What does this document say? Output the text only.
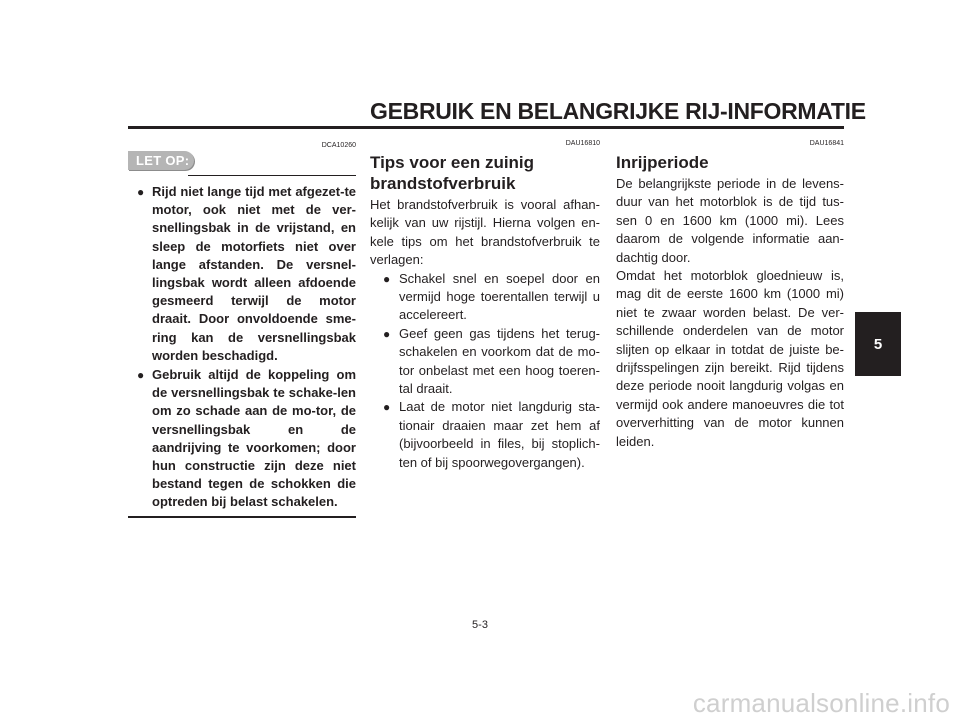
GEBRUIK EN BELANGRIJKE RIJ-INFORMATIE
5
DCA10260
LET OP:
● Rijd niet lange tijd met afgezet-te motor, ook niet met de ver-snellingsbak in de vrijstand, en sleep de motorfiets niet over lange afstanden. De versnel-lingsbak wordt alleen afdoende gesmeerd terwijl de motor draait. Door onvoldoende sme-ring kan de versnellingsbak worden beschadigd.
● Gebruik altijd de koppeling om de versnellingsbak te schake-len om zo schade aan de mo-tor, de versnellingsbak en de aandrijving te voorkomen; door hun constructie zijn deze niet bestand tegen de schokken die optreden bij belast schakelen.
DAU16810
Tips voor een zuinig brandstofverbruik
Het brandstofverbruik is vooral afhan-kelijk van uw rijstijl. Hierna volgen en-kele tips om het brandstofverbruik te verlagen:
● Schakel snel en soepel door en vermijd hoge toerentallen terwijl u accelereert.
● Geef geen gas tijdens het terug-schakelen en voorkom dat de mo-tor onbelast met een hoog toeren-tal draait.
● Laat de motor niet langdurig sta-tionair draaien maar zet hem af (bijvoorbeeld in files, bij stoplich-ten of bij spoorwegovergangen).
DAU16841
Inrijperiode
De belangrijkste periode in de levens-duur van het motorblok is de tijd tus-sen 0 en 1600 km (1000 mi). Lees daarom de volgende informatie aan-dachtig door.
Omdat het motorblok gloednieuw is, mag dit de eerste 1600 km (1000 mi) niet te zwaar worden belast. De ver-schillende onderdelen van de motor slijten op elkaar in totdat de juiste be-drijfsspelingen zijn bereikt. Rijd tijdens deze periode nooit langdurig volgas en vermijd ook andere manoeuvres die tot oververhitting van de motor kunnen leiden.
5-3
carmanualsonline.info
